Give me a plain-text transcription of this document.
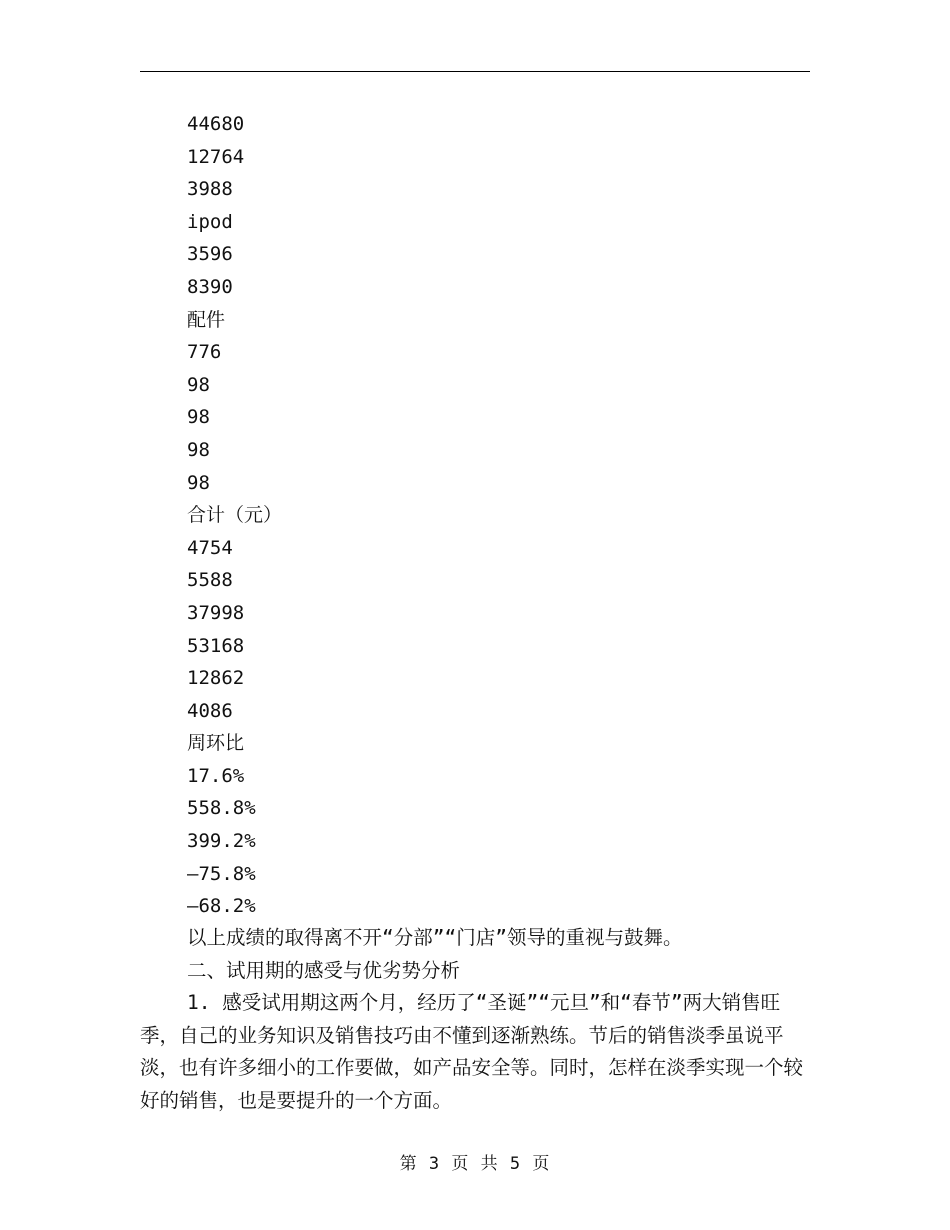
44680
12764
3988
ipod
3596
8390
配件
776
98
98
98
98
合计（元）
4754
5588
37998
53168
12862
4086
周环比
17.6%
558.8%
399.2%
—75.8%
—68.2%

以上成绩的取得离不开“分部”“门店”领导的重视与鼓舞。

二、试用期的感受与优劣势分析

1. 感受试用期这两个月，经历了“圣诞”“元旦”和“春节”两大销售旺季，自己的业务知识及销售技巧由不懂到逐渐熟练。节后的销售淡季虽说平淡，也有许多细小的工作要做，如产品安全等。同时，怎样在淡季实现一个较好的销售，也是要提升的一个方面。

第 3 页 共 5 页
